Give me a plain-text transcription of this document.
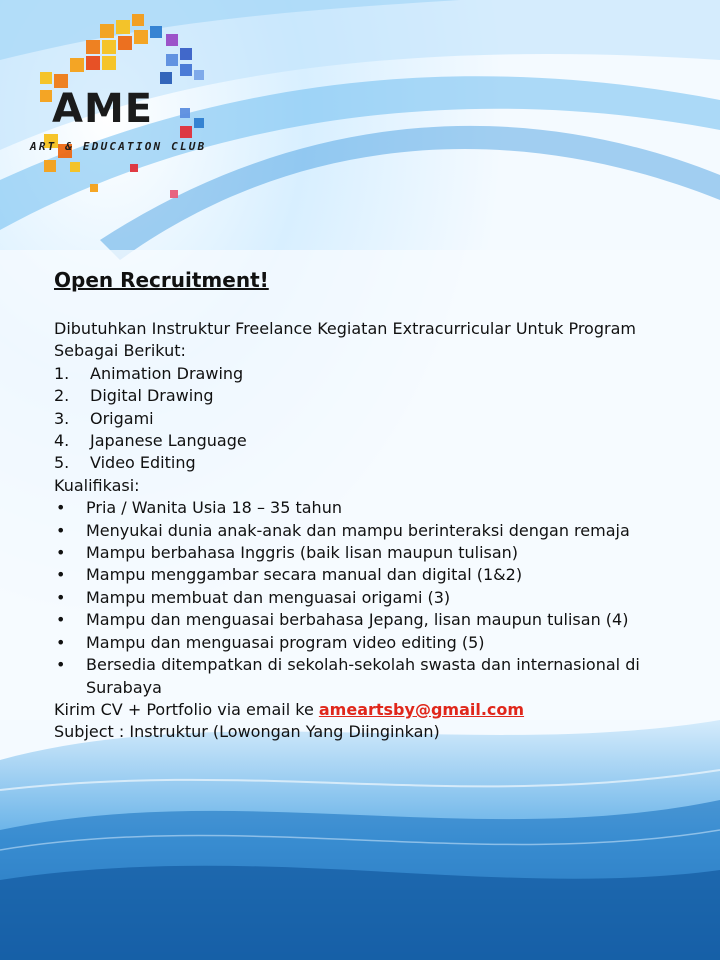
AME
ART & EDUCATION CLUB
Open Recruitment!

Dibutuhkan Instruktur Freelance Kegiatan Extracurricular Untuk Program Sebagai Berikut:

1.	Animation Drawing
2.	Digital Drawing
3.	Origami
4.	Japanese Language
5.	Video Editing

Kualifikasi:

•	Pria / Wanita Usia 18 – 35 tahun
•	Menyukai dunia anak-anak dan mampu berinteraksi dengan remaja
•	Mampu berbahasa Inggris (baik lisan maupun tulisan)
•	Mampu menggambar secara manual dan digital (1&2)
•	Mampu membuat dan menguasai origami (3)
•	Mampu dan menguasai berbahasa Jepang, lisan maupun tulisan (4)
•	Mampu dan menguasai program video editing (5)
•	Bersedia ditempatkan di sekolah-sekolah swasta dan internasional di Surabaya

Kirim CV + Portfolio via email ke ameartsby@gmail.com

Subject : Instruktur (Lowongan Yang Diinginkan)
